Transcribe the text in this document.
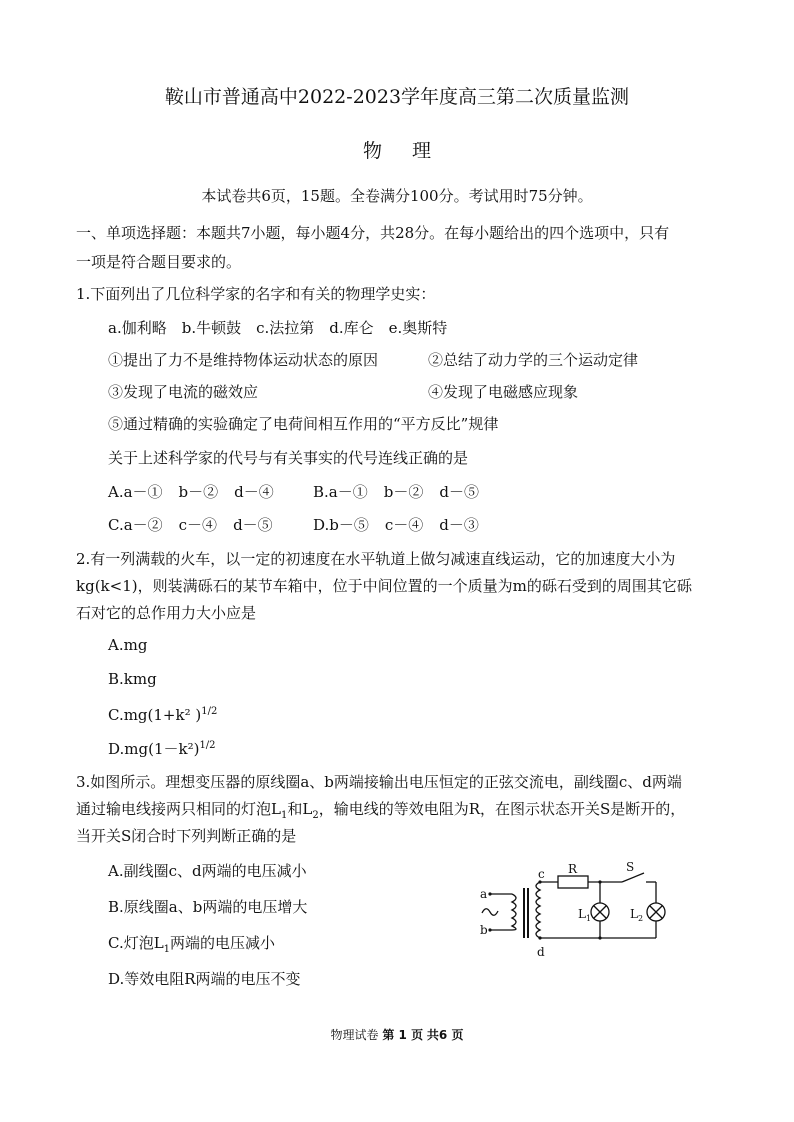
鞍山市普通高中2022-2023学年度高三第二次质量监测
物理
本试卷共6页，15题。全卷满分100分。考试用时75分钟。
一、单项选择题：本题共7小题，每小题4分，共28分。在每小题给出的四个选项中，只有
一项是符合题目要求的。
1.下面列出了几位科学家的名字和有关的物理学史实：
a.伽利略　b.牛顿鼓　c.法拉第　d.库仑　e.奥斯特
①提出了力不是维持物体运动状态的原因	②总结了动力学的三个运动定律
③发现了电流的磁效应	④发现了电磁感应现象
⑤通过精确的实验确定了电荷间相互作用的“平方反比”规律
关于上述科学家的代号与有关事实的代号连线正确的是
A.a－① b－② d－④	B.a－① b－② d－⑤
C.a－② c－④ d－⑤	D.b－⑤ c－④ d－③
2.有一列满载的火车，以一定的初速度在水平轨道上做匀减速直线运动，它的加速度大小为
kg(k<1)，则装满砾石的某节车箱中，位于中间位置的一个质量为m的砾石受到的周围其它砾
石对它的总作用力大小应是
A.mg
B.kmg
C.mg(1+k² )$^{1/2}$
$D.mg(1-k^2)^{1/2}$
3.如图所示。理想变压器的原线圈a、b两端接输出电压恒定的正弦交流电，副线圈c、d两端
通过输电线接两只相同的灯泡$L_1$和$L_2$，输电线的等效电阻为R，在图示状态开关S是断开的，
当开关S闭合时下列判断正确的是
A.副线圈c、d两端的电压减小
B.原线圈a、b两端的电压增大
C.灯泡$L_1$两端的电压减小
D.等效电阻R两端的电压不变
a
b
c
d
R	S
$L_1$	$L_2$
物理试卷 第 1 页 共6 页
